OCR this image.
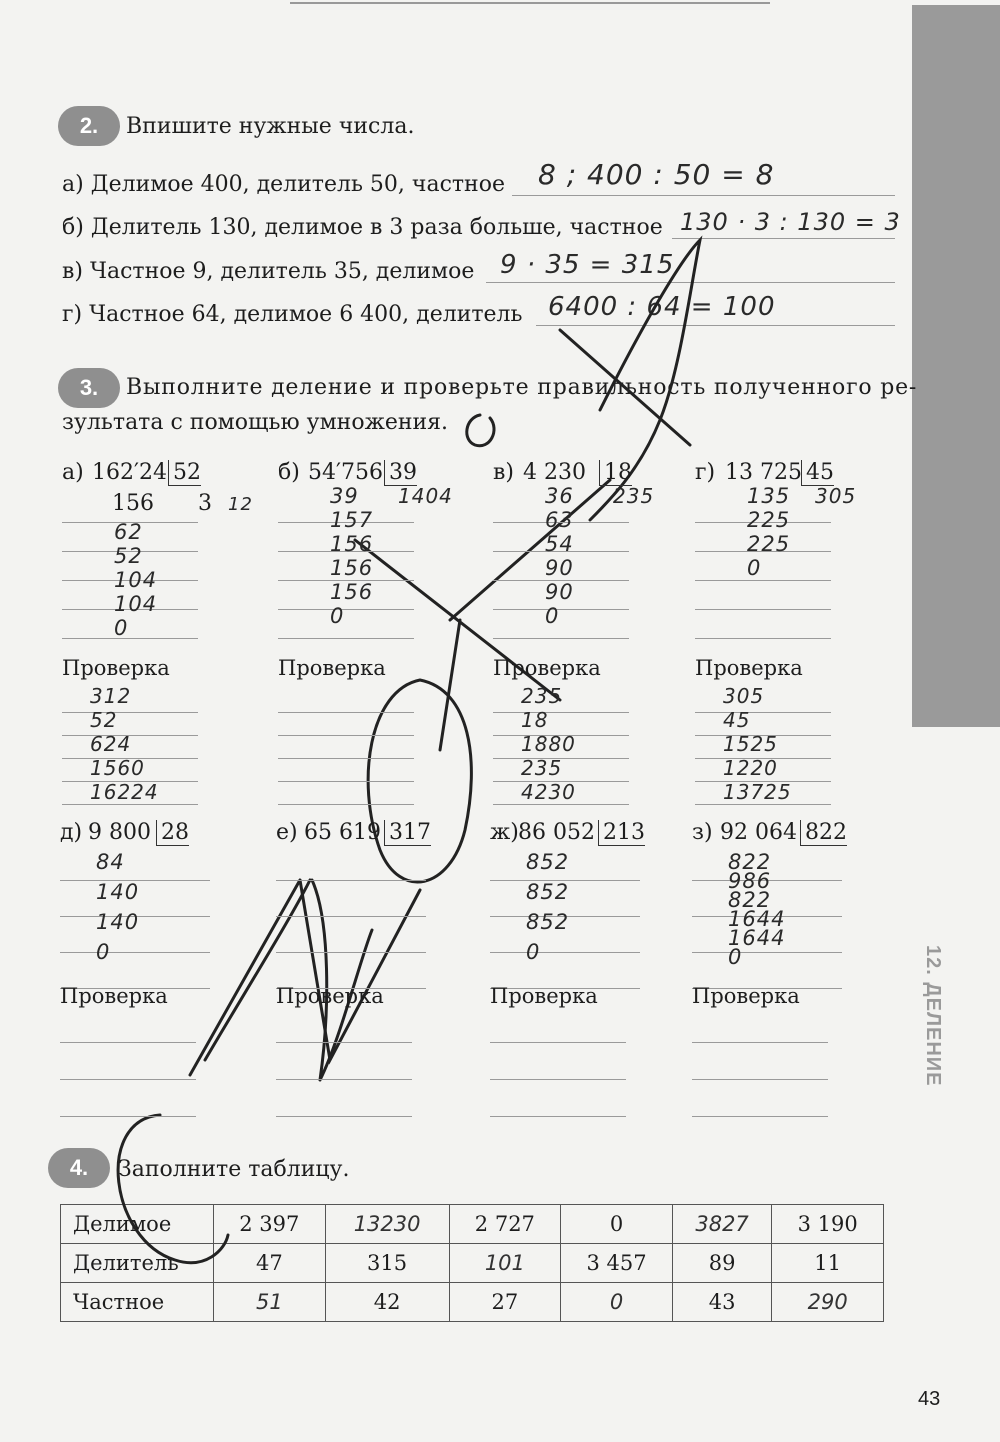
12. ДЕЛЕНИЕ
43
2.	Впишите нужные числа.
а) Делимое 400, делитель 50, частное 8 ; 400 : 50 = 8
б) Делитель 130, делимое в 3 раза больше, частное 130 · 3 : 130 = 3
в) Частное 9, делитель 35, делимое 9 · 35 = 315
г) Частное 64, делимое 6 400, делитель 6400 : 64 = 100
3.	Выполните деление и проверьте правильность полученного ре-
зультата с помощью умножения.
4.	Заполните таблицу.
Делимое	2 397	13230	2 727	0	3827	3 190
Делитель	47	315	101	3 457	89	11
Частное	51	42	27	0	43	290
а) 162′24 52
156 3 12
62
52
104
104
0
Проверка
312
52
624
1560
16224
б) 54′756 39
1404
39
157
156
156
156
0
Проверка
в) 4 230 18
235
36
63
54
90
90
0
Проверка
235
18
1880
235
4230
г) 13 725 45
305
135
225
225
0
Проверка
305
45
1525
1220
13725
д) 9 800 28
84
140
140
0
Проверка
е) 65 619 317
Проверка
ж) 86 052 213
852
852
852
0
Проверка
з) 92 064 822
822
986
822
1644
1644
0
Проверка
